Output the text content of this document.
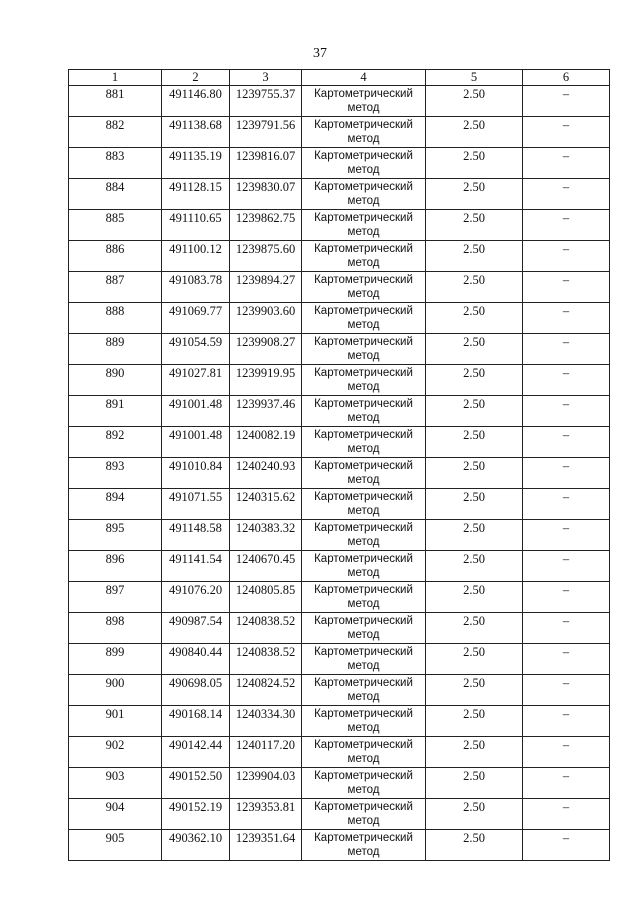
37
1	2	3	4	5	6
881	491146.80	1239755.37	Картометрический метод	2.50	–
882	491138.68	1239791.56	Картометрический метод	2.50	–
883	491135.19	1239816.07	Картометрический метод	2.50	–
884	491128.15	1239830.07	Картометрический метод	2.50	–
885	491110.65	1239862.75	Картометрический метод	2.50	–
886	491100.12	1239875.60	Картометрический метод	2.50	–
887	491083.78	1239894.27	Картометрический метод	2.50	–
888	491069.77	1239903.60	Картометрический метод	2.50	–
889	491054.59	1239908.27	Картометрический метод	2.50	–
890	491027.81	1239919.95	Картометрический метод	2.50	–
891	491001.48	1239937.46	Картометрический метод	2.50	–
892	491001.48	1240082.19	Картометрический метод	2.50	–
893	491010.84	1240240.93	Картометрический метод	2.50	–
894	491071.55	1240315.62	Картометрический метод	2.50	–
895	491148.58	1240383.32	Картометрический метод	2.50	–
896	491141.54	1240670.45	Картометрический метод	2.50	–
897	491076.20	1240805.85	Картометрический метод	2.50	–
898	490987.54	1240838.52	Картометрический метод	2.50	–
899	490840.44	1240838.52	Картометрический метод	2.50	–
900	490698.05	1240824.52	Картометрический метод	2.50	–
901	490168.14	1240334.30	Картометрический метод	2.50	–
902	490142.44	1240117.20	Картометрический метод	2.50	–
903	490152.50	1239904.03	Картометрический метод	2.50	–
904	490152.19	1239353.81	Картометрический метод	2.50	–
905	490362.10	1239351.64	Картометрический метод	2.50	–
